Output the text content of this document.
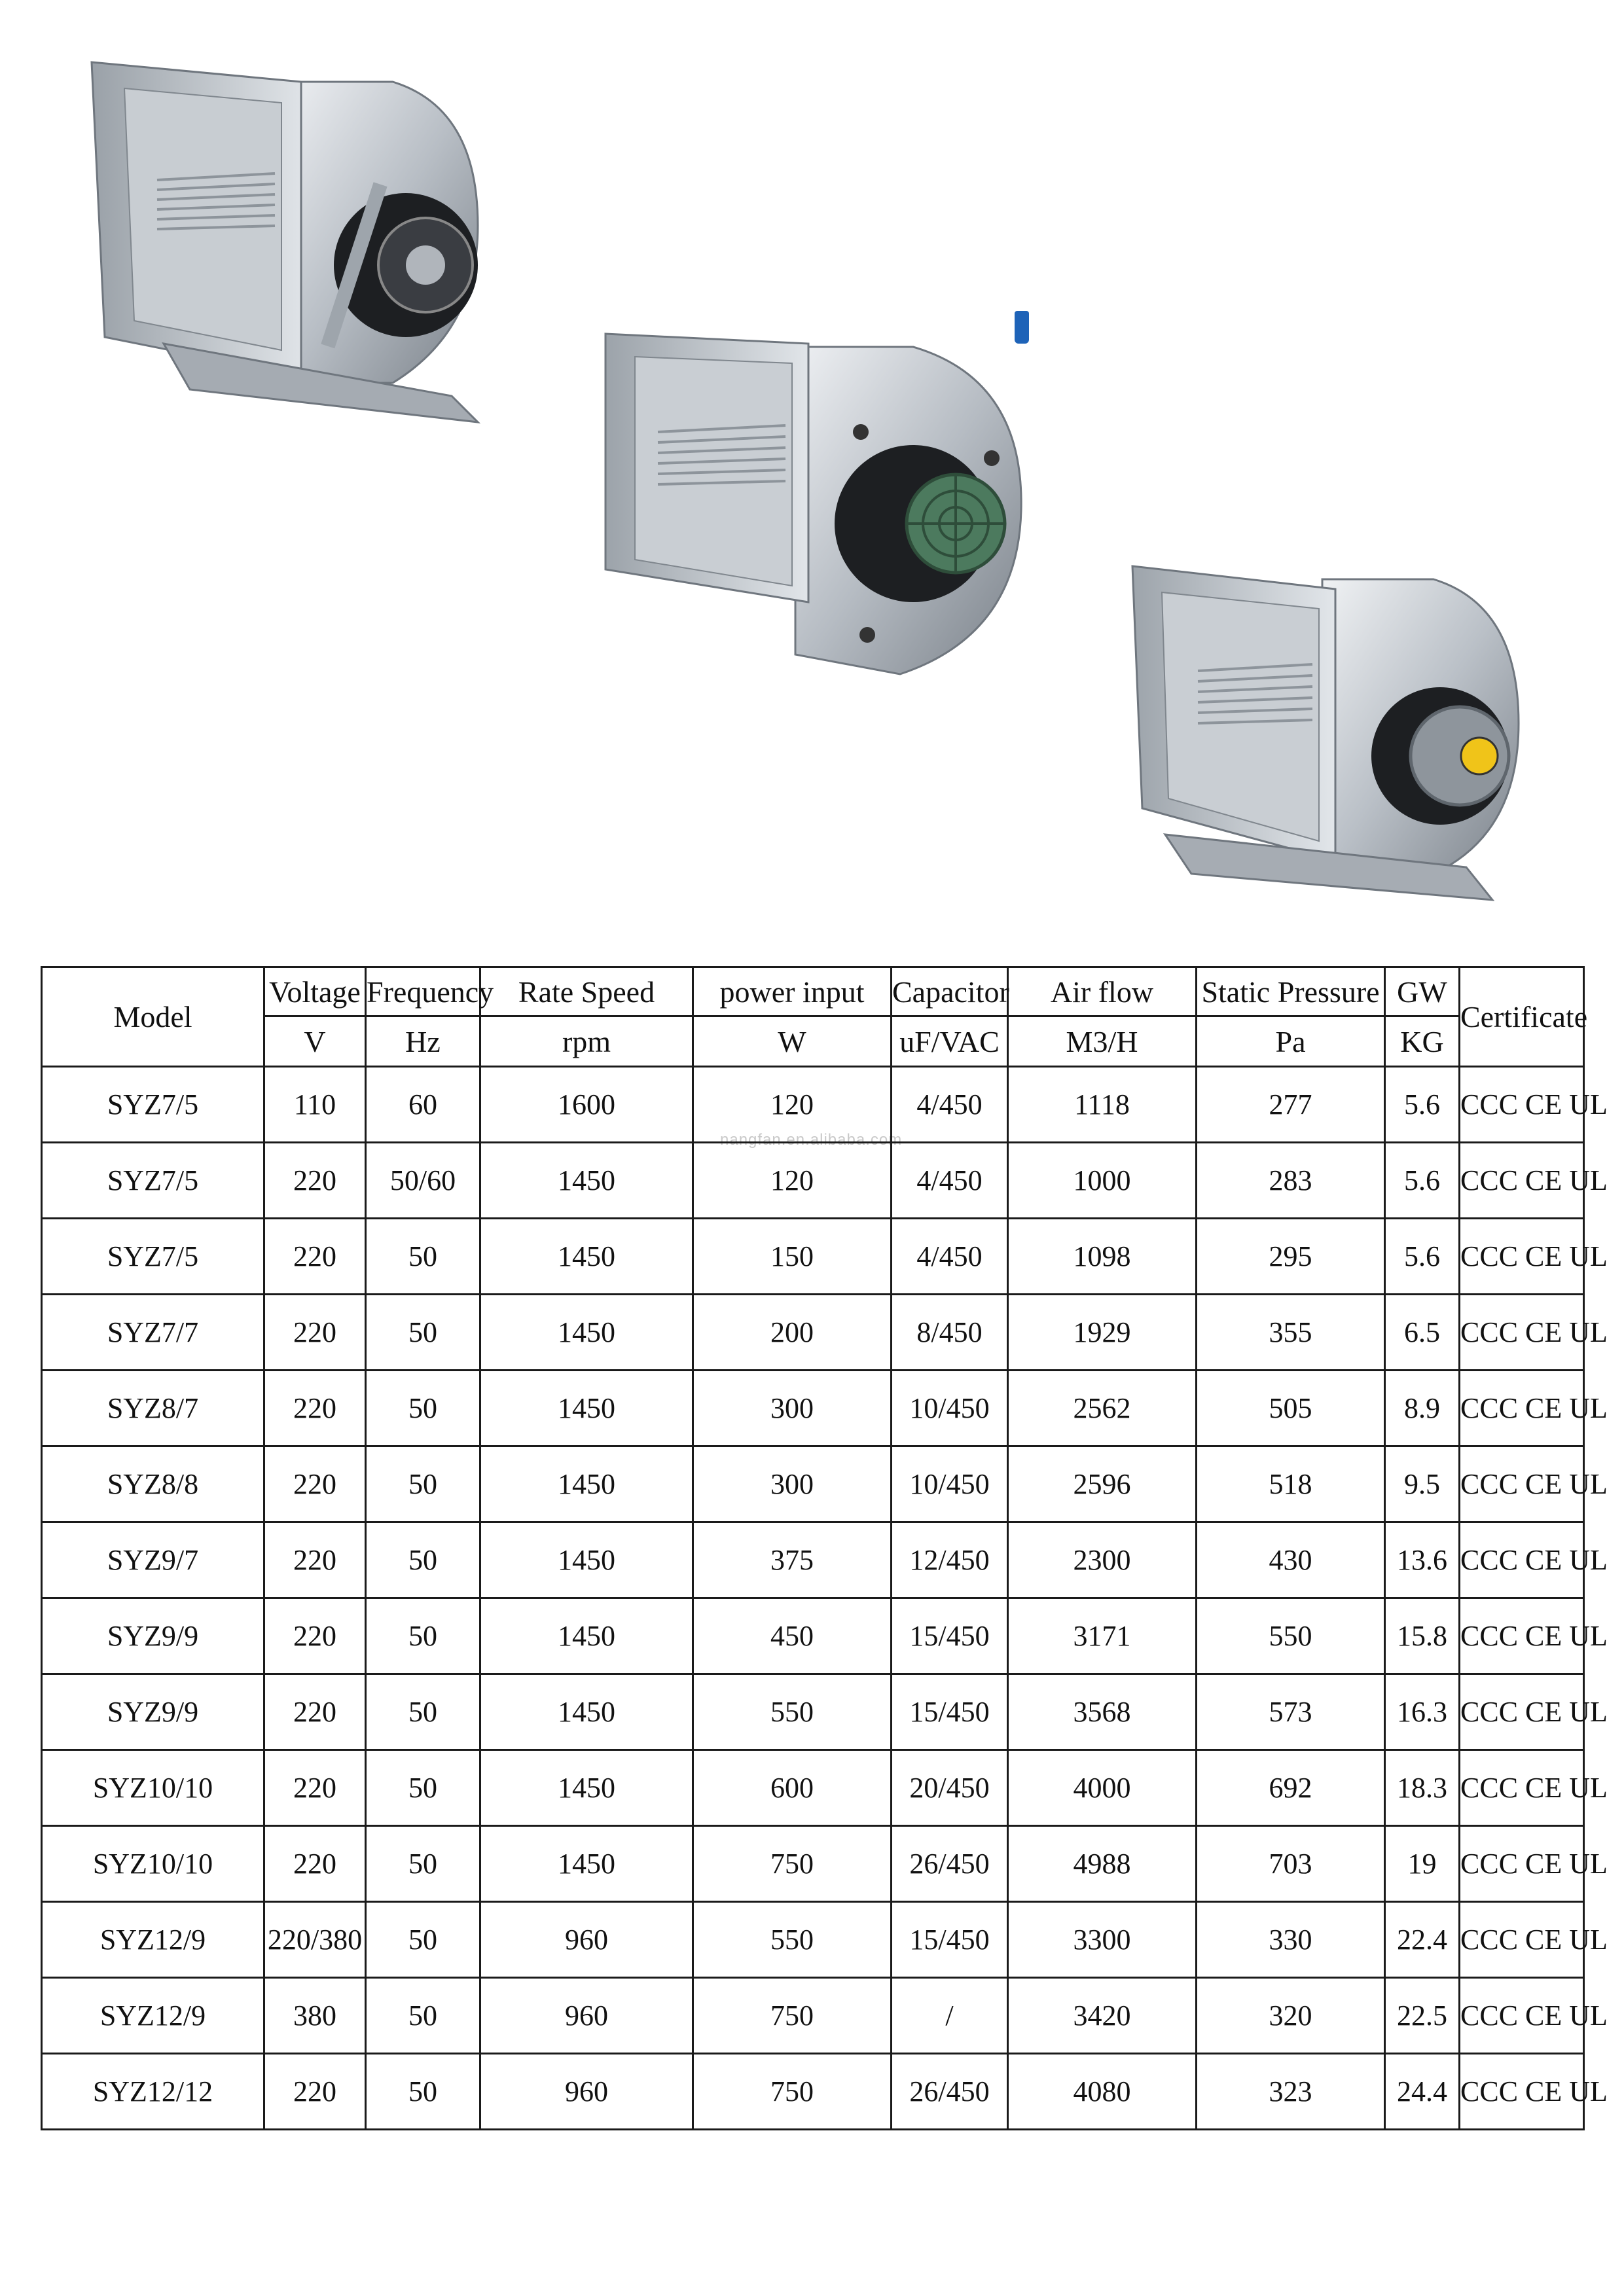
nangfan.en.alibaba.com
Model	Voltage	Frequency	Rate Speed	power input	Capacitor	Air flow	Static Pressure	GW	Certificate
	V	Hz	rpm	W	uF/VAC	M3/H	Pa	KG	
SYZ7/5	110	60	1600	120	4/450	1118	277	5.6	CCC CE UL
SYZ7/5	220	50/60	1450	120	4/450	1000	283	5.6	CCC CE UL
SYZ7/5	220	50	1450	150	4/450	1098	295	5.6	CCC CE UL
SYZ7/7	220	50	1450	200	8/450	1929	355	6.5	CCC CE UL
SYZ8/7	220	50	1450	300	10/450	2562	505	8.9	CCC CE UL
SYZ8/8	220	50	1450	300	10/450	2596	518	9.5	CCC CE UL
SYZ9/7	220	50	1450	375	12/450	2300	430	13.6	CCC CE UL
SYZ9/9	220	50	1450	450	15/450	3171	550	15.8	CCC CE UL
SYZ9/9	220	50	1450	550	15/450	3568	573	16.3	CCC CE UL
SYZ10/10	220	50	1450	600	20/450	4000	692	18.3	CCC CE UL
SYZ10/10	220	50	1450	750	26/450	4988	703	19	CCC CE UL
SYZ12/9	220/380	50	960	550	15/450	3300	330	22.4	CCC CE UL
SYZ12/9	380	50	960	750	/	3420	320	22.5	CCC CE UL
SYZ12/12	220	50	960	750	26/450	4080	323	24.4	CCC CE UL
